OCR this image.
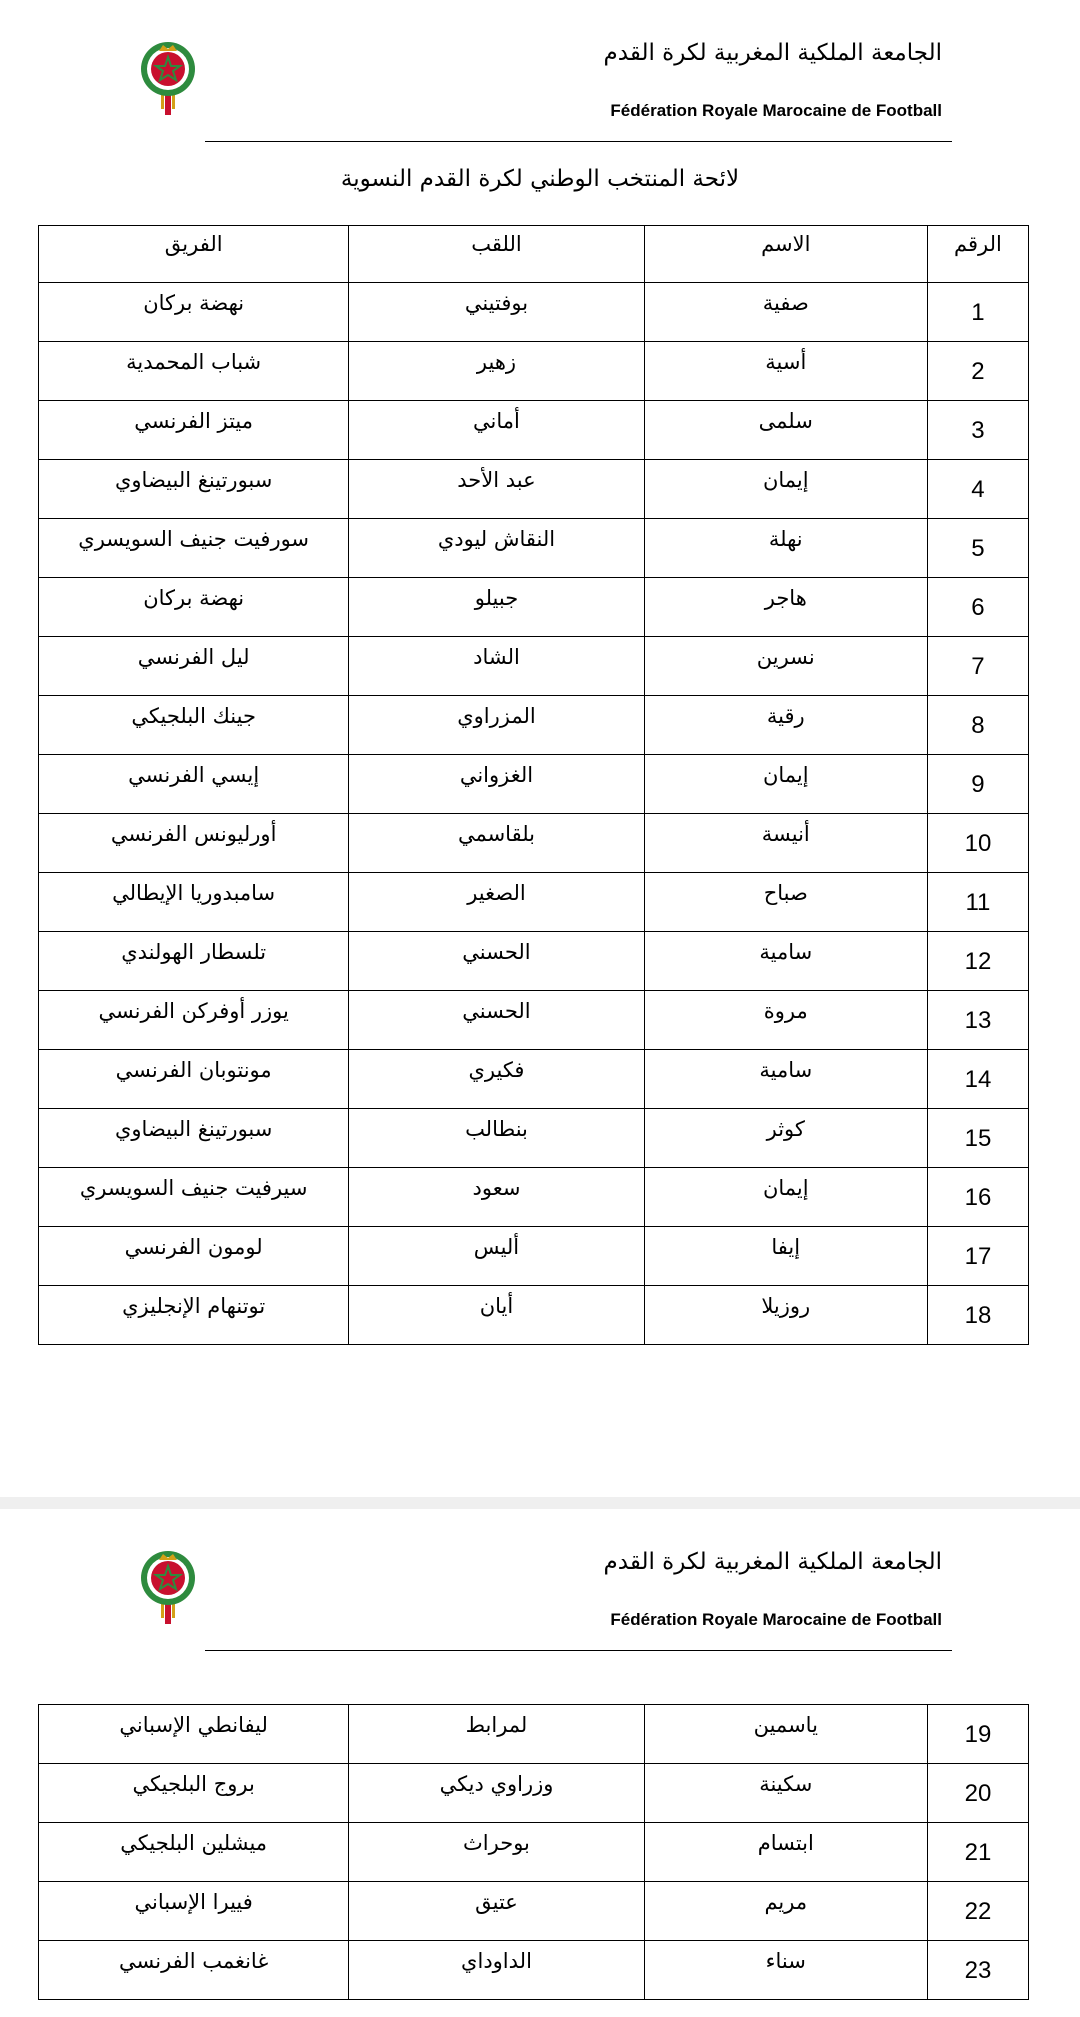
الجامعة الملكية المغربية لكرة القدم
Fédération Royale Marocaine de Football
لائحة المنتخب الوطني لكرة القدم النسوية
الرقم	الاسم	اللقب	الفريق

1	صفية	بوفتيني	نهضة بركان

2	أسية	زهير	شباب المحمدية

3	سلمى	أماني	ميتز الفرنسي

4	إيمان	عبد الأحد	سبورتينغ البيضاوي

5	نهلة	النقاش ليودي	سورفيت جنيف السويسري

6	هاجر	جبيلو	نهضة بركان

7	نسرين	الشاد	ليل الفرنسي

8	رقية	المزراوي	جينك البلجيكي

9	إيمان	الغزواني	إيسي الفرنسي

10	أنيسة	بلقاسمي	أورليونس الفرنسي

11	صباح	الصغير	سامبدوريا الإيطالي

12	سامية	الحسني	تلسطار الهولندي

13	مروة	الحسني	يوزر أوفركن الفرنسي

14	سامية	فكيري	مونتوبان الفرنسي

15	كوثر	بنطالب	سبورتينغ البيضاوي

16	إيمان	سعود	سيرفيت جنيف السويسري

17	إيفا	أليس	لومون الفرنسي

18	روزيلا	أيان	توتنهام الإنجليزي
الجامعة الملكية المغربية لكرة القدم
Fédération Royale Marocaine de Football
19	ياسمين	لمرابط	ليفانطي الإسباني

20	سكينة	وزراوي ديكي	بروج البلجيكي

21	ابتسام	بوحراث	ميشلين البلجيكي

22	مريم	عتيق	فييرا الإسباني

23	سناء	الداوداي	غانغمب الفرنسي
